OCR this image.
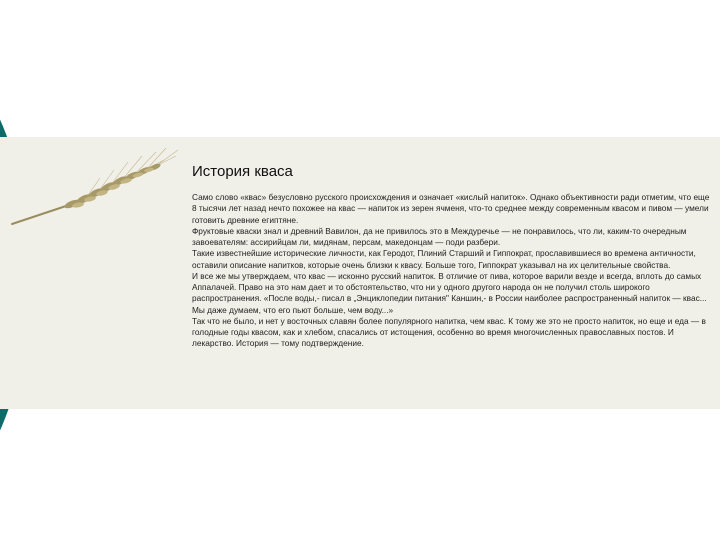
История кваса

Само слово «квас» безусловно русского происхождения и означает «кислый напиток». Однако объективности ради отметим, что еще 8 тысячи лет назад нечто похожее на квас — напиток из зерен ячменя, что-то среднее между современным квасом и пивом — умели готовить древние египтяне.

Фруктовые кваски знал и древний Вавилон, да не привилось это в Междуречье — не понравилось, что ли, каким-то очередным завоевателям: ассирийцам ли, мидянам, персам, македонцам — поди разбери.

Такие известнейшие исторические личности, как Геродот, Плиний Старший и Гиппократ, прославившиеся во времена античности, оставили описание напитков, которые очень близки к квасу. Больше того, Гиппократ указывал на их целительные свойства.

И все же мы утверждаем, что квас — исконно русский напиток. В отличие от пива, которое варили везде и всегда, вплоть до самых Аппалачей. Право на это нам дает и то обстоятельство, что ни у одного другого народа он не получил столь широкого распространения. «После воды,- писал в „Энциклопедии питания" Каншин,- в России наиболее распространенный напиток — квас... Мы даже думаем, что его пьют больше, чем воду...»

Так что не было, и нет у восточных славян более популярного напитка, чем квас. К тому же это не просто напиток, но еще и еда — в голодные годы квасом, как и хлебом, спасались от истощения, особенно во время многочисленных православных постов. И лекарство. История — тому подтверждение.
